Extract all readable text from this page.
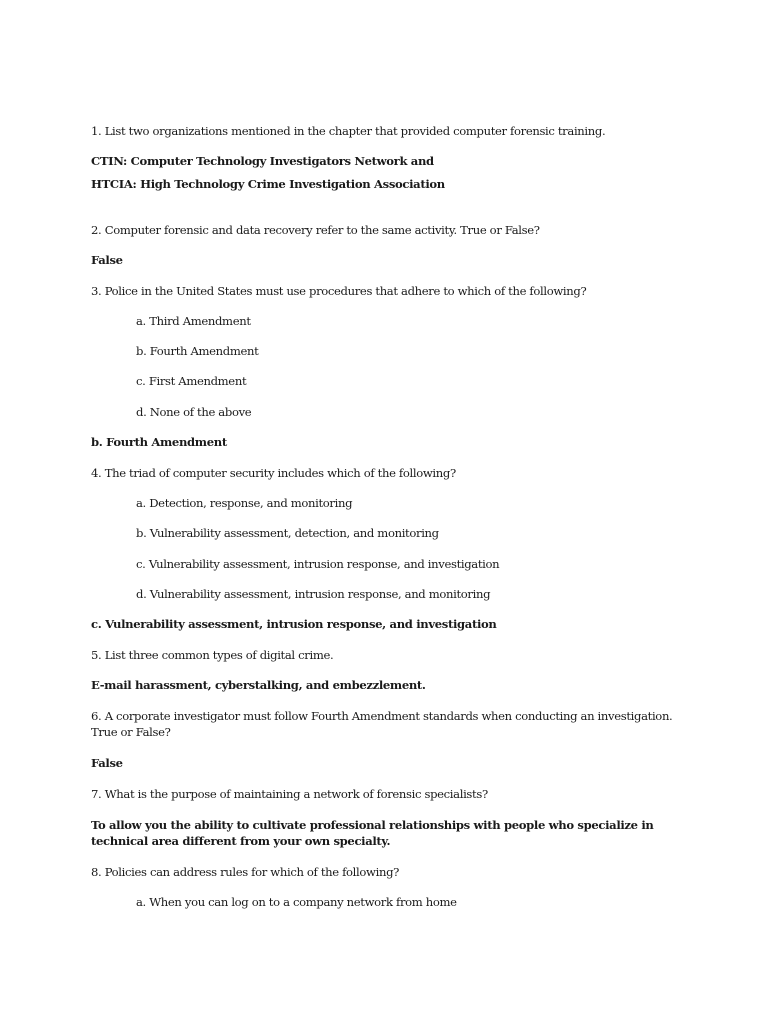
1. List two organizations mentioned in the chapter that provided computer forensic training.
CTIN: Computer Technology Investigators Network and
HTCIA: High Technology Crime Investigation Association
2. Computer forensic and data recovery refer to the same activity. True or False?
False
3. Police in the United States must use procedures that adhere to which of the following?
a. Third Amendment
b. Fourth Amendment
c. First Amendment
d. None of the above
b. Fourth Amendment
4. The triad of computer security includes which of the following?
a. Detection, response, and monitoring
b. Vulnerability assessment, detection, and monitoring
c. Vulnerability assessment, intrusion response, and investigation
d. Vulnerability assessment, intrusion response, and monitoring
c. Vulnerability assessment, intrusion response, and investigation
5. List three common types of digital crime.
E-mail harassment, cyberstalking, and embezzlement.
6. A corporate investigator must follow Fourth Amendment standards when conducting an investigation. True or False?
False
7. What is the purpose of maintaining a network of forensic specialists?
To allow you the ability to cultivate professional relationships with people who specialize in technical area different from your own specialty.
8. Policies can address rules for which of the following?
a. When you can log on to a company network from home
